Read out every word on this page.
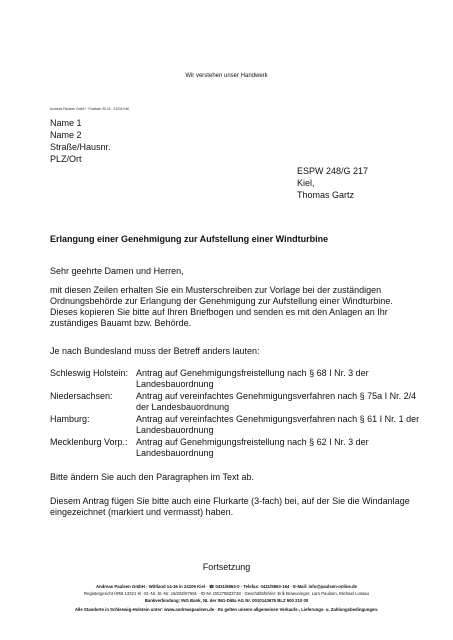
Wir verstehen unser Handwerk
Andreas Paulsen GmbH · Postfach 35 43 · 24034 Kiel
Name 1
Name 2
Straße/Hausnr.
PLZ/Ort
ESPW 248/G 217
Kiel,
Thomas Gartz
Erlangung einer Genehmigung zur Aufstellung einer Windturbine
Sehr geehrte Damen und Herren,
mit diesen Zeilen erhalten Sie ein Musterschreiben zur Vorlage bei der zuständigen
Ordnungsbehörde zur Erlangung der Genehmigung zur Aufstellung einer Windturbine.
Dieses kopieren Sie bitte auf Ihren Briefbogen und senden es mit den Anlagen an Ihr
zuständiges Bauamt bzw. Behörde.
Je nach Bundesland muss der Betreff anders lauten:
Schleswig Holstein: Antrag auf Genehmigungsfreistellung nach § 68 I Nr. 3 der
Landesbauordnung
Niedersachsen:	Antrag auf vereinfachtes Genehmigungsverfahren nach § 75a I Nr. 2/4
der Landesbauordnung
Hamburg:	Antrag auf vereinfachtes Genehmigungsverfahren nach § 61 I Nr. 1 der
Landesbauordnung
Mecklenburg Vorp.: Antrag auf Genehmigungsfreistellung nach § 62 I Nr. 3 der
Landesbauordnung
Bitte ändern Sie auch den Paragraphen im Text ab.
Diesem Antrag fügen Sie bitte auch eine Flurkarte (3-fach) bei, auf der Sie die Windanlage
eingezeichnet (markiert und vermasst) haben.
Fortsetzung
Andreas Paulsen GmbH · Wittland 14-16 in 24109 Kiel · ☎ 0431/5863-0 · Telefax: 0431/5863-164 · E-Mail: info@paulsen-online.de
Registergericht HRB 13321 Kl ·St.-Nr. St.-Nr. 19/292/07691 · ID-Nr. DE279833748 · Geschäftsführer: Erik Braeuninger, Lars Paulsen, Michael Lossau
Bankverbindung: ING Bank, NL der ING-DiBa AG Nr. 0010143675 BLZ 500 210 00
Alle Standorte in Schleswig-Holstein unter: www.andreaspaulsen.de · Es gelten unsere allgemeinen Verkaufs-, Lieferungs- u. Zahlungsbedingungen.
